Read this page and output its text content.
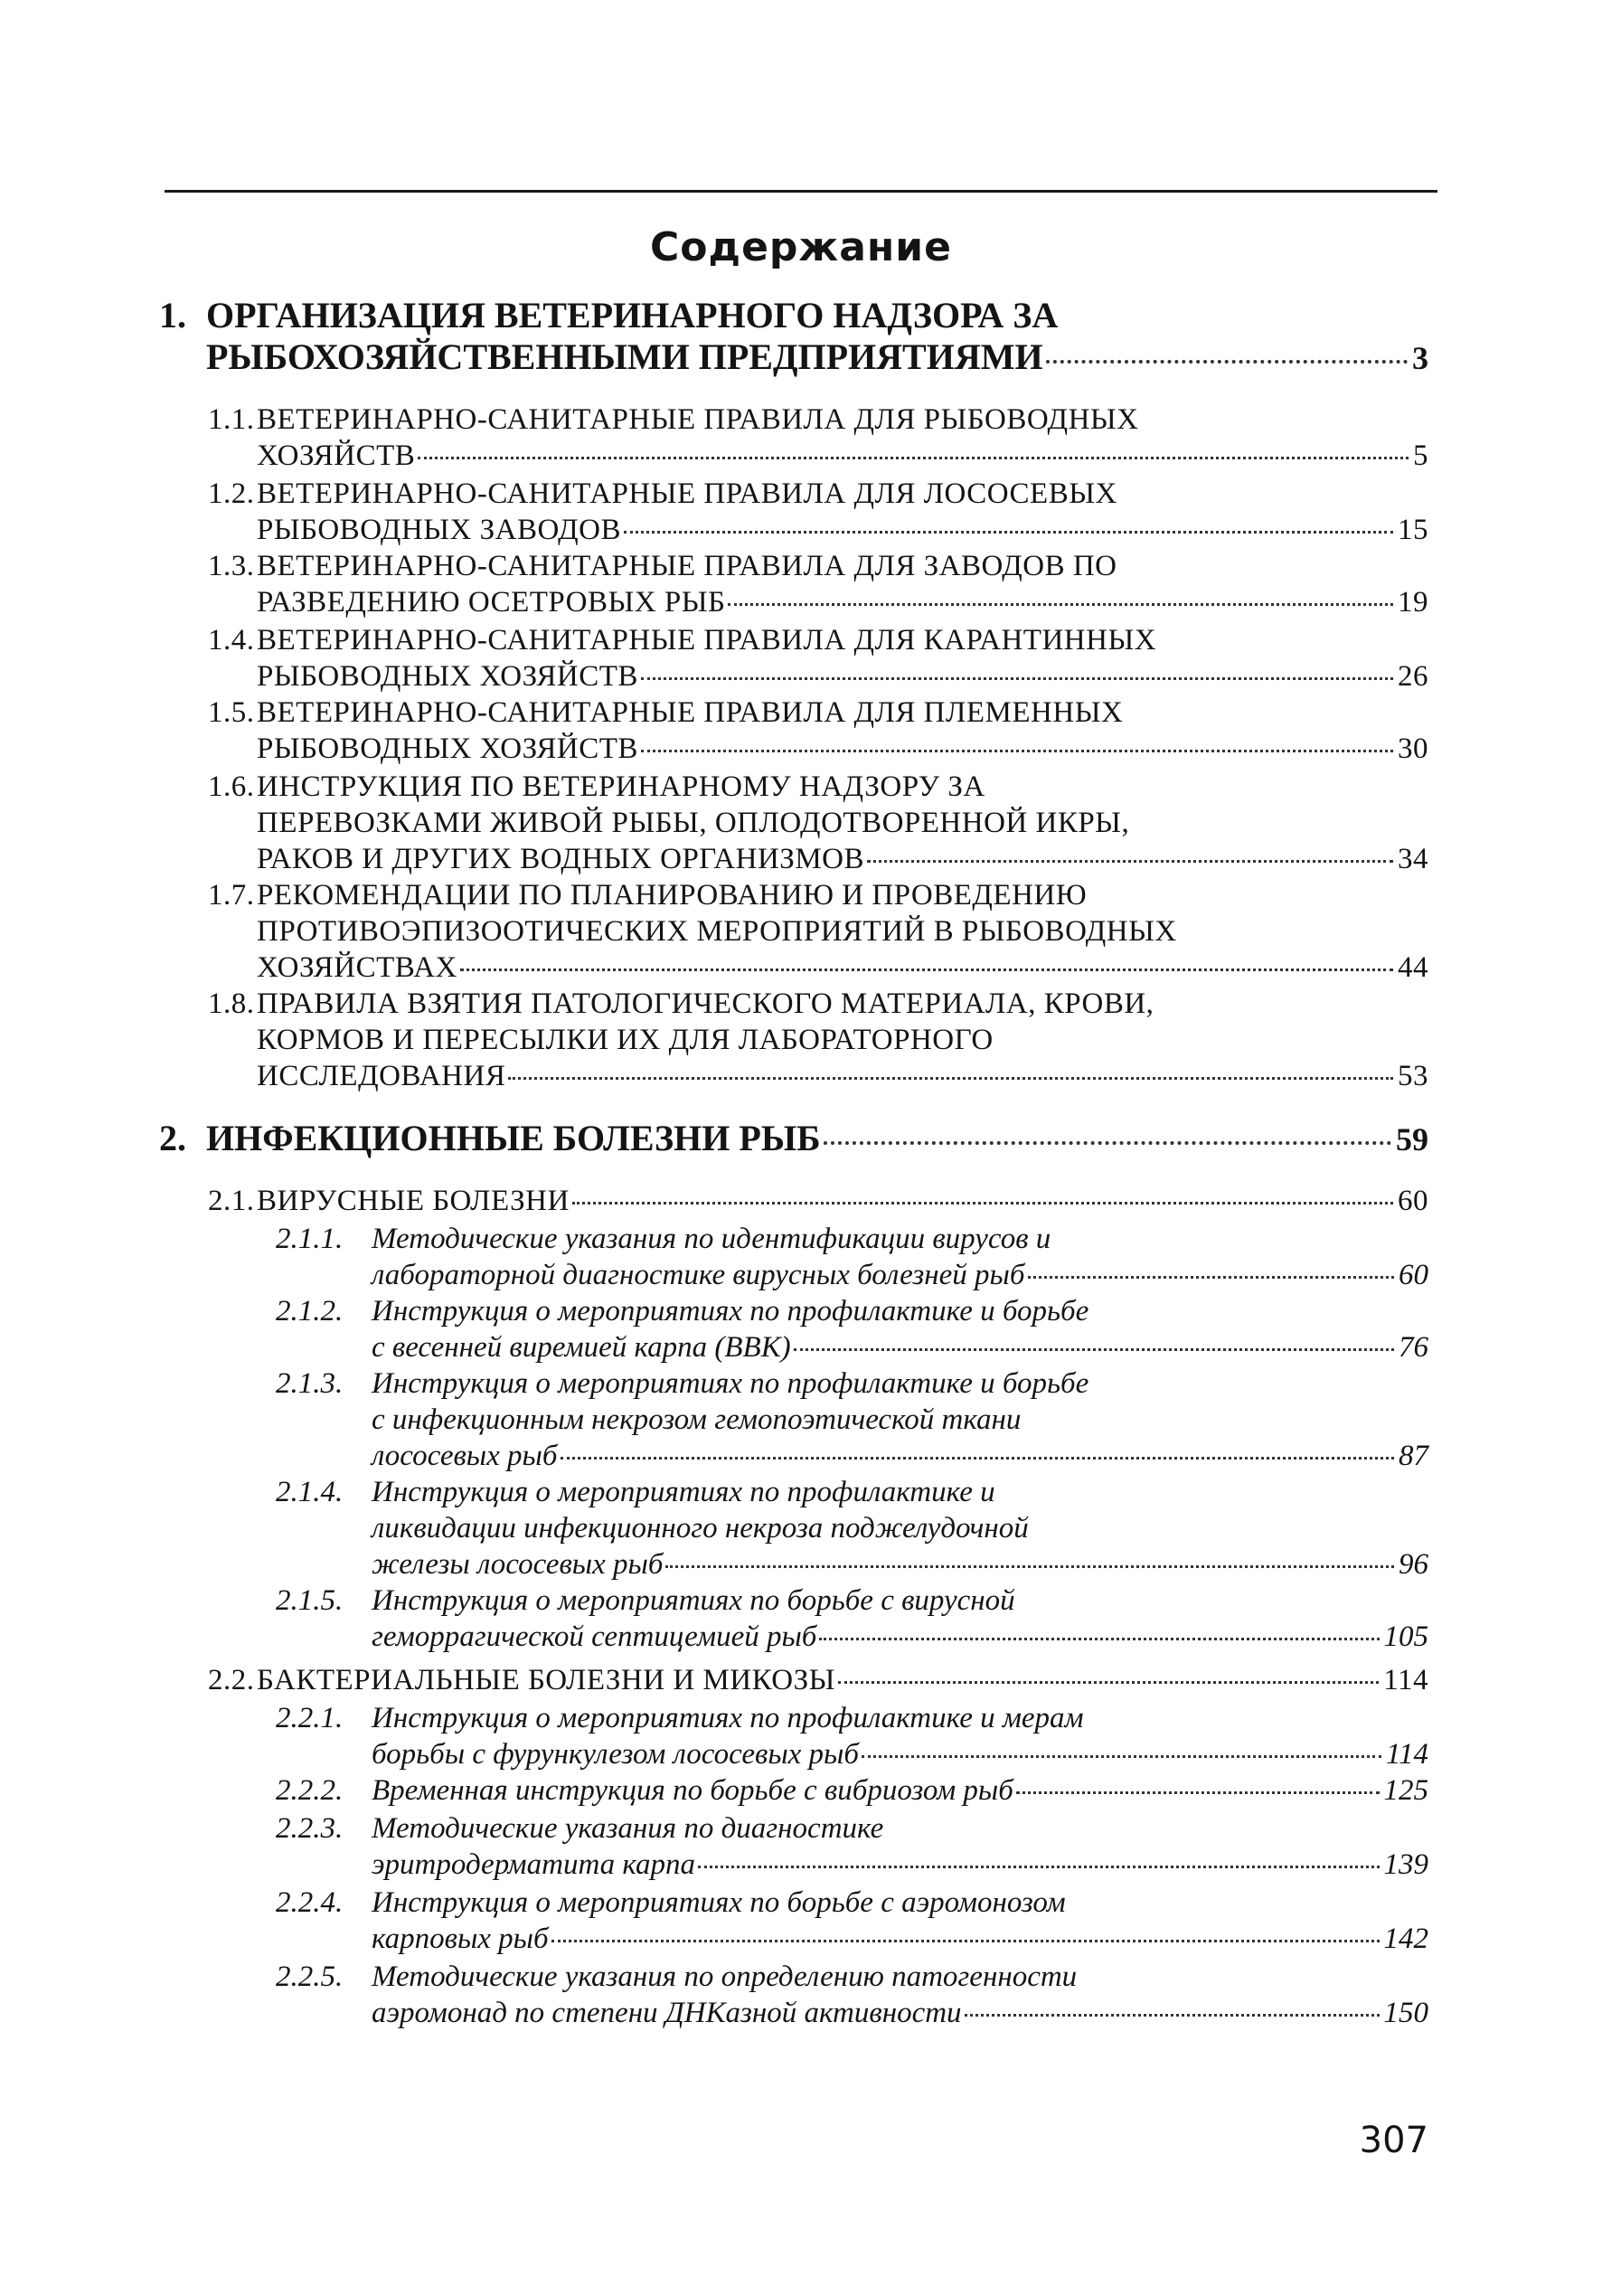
Содержание
1. ОРГАНИЗАЦИЯ ВЕТЕРИНАРНОГО НАДЗОРА ЗА
РЫБОХОЗЯЙСТВЕННЫМИ ПРЕДПРИЯТИЯМИ	3
1.1. ВЕТЕРИНАРНО-САНИТАРНЫЕ ПРАВИЛА ДЛЯ РЫБОВОДНЫХ
ХОЗЯЙСТВ	5
1.2. ВЕТЕРИНАРНО-САНИТАРНЫЕ ПРАВИЛА ДЛЯ ЛОСОСЕВЫХ
РЫБОВОДНЫХ ЗАВОДОВ	15
1.3. ВЕТЕРИНАРНО-САНИТАРНЫЕ ПРАВИЛА ДЛЯ ЗАВОДОВ ПО
РАЗВЕДЕНИЮ ОСЕТРОВЫХ РЫБ	19
1.4. ВЕТЕРИНАРНО-САНИТАРНЫЕ ПРАВИЛА ДЛЯ КАРАНТИННЫХ
РЫБОВОДНЫХ ХОЗЯЙСТВ	26
1.5. ВЕТЕРИНАРНО-САНИТАРНЫЕ ПРАВИЛА ДЛЯ ПЛЕМЕННЫХ
РЫБОВОДНЫХ ХОЗЯЙСТВ	30
1.6. ИНСТРУКЦИЯ ПО ВЕТЕРИНАРНОМУ НАДЗОРУ ЗА
ПЕРЕВОЗКАМИ ЖИВОЙ РЫБЫ, ОПЛОДОТВОРЕННОЙ ИКРЫ,
РАКОВ И ДРУГИХ ВОДНЫХ ОРГАНИЗМОВ	34
1.7. РЕКОМЕНДАЦИИ ПО ПЛАНИРОВАНИЮ И ПРОВЕДЕНИЮ
ПРОТИВОЭПИЗООТИЧЕСКИХ МЕРОПРИЯТИЙ В РЫБОВОДНЫХ
ХОЗЯЙСТВАХ	44
1.8. ПРАВИЛА ВЗЯТИЯ ПАТОЛОГИЧЕСКОГО МАТЕРИАЛА, КРОВИ,
КОРМОВ И ПЕРЕСЫЛКИ ИХ ДЛЯ ЛАБОРАТОРНОГО
ИССЛЕДОВАНИЯ	53
2. ИНФЕКЦИОННЫЕ БОЛЕЗНИ РЫБ	59
2.1. ВИРУСНЫЕ БОЛЕЗНИ	60
2.1.1. Методические указания по идентификации вирусов и
лабораторной диагностике вирусных болезней рыб	60
2.1.2. Инструкция о мероприятиях по профилактике и борьбе
с весенней виремией карпа (ВВК)	76
2.1.3. Инструкция о мероприятиях по профилактике и борьбе
с инфекционным некрозом гемопоэтической ткани
лососевых рыб	87
2.1.4. Инструкция о мероприятиях по профилактике и
ликвидации инфекционного некроза поджелудочной
железы лососевых рыб	96
2.1.5. Инструкция о мероприятиях по борьбе с вирусной
геморрагической септицемией рыб	105
2.2. БАКТЕРИАЛЬНЫЕ БОЛЕЗНИ И МИКОЗЫ	114
2.2.1. Инструкция о мероприятиях по профилактике и мерам
борьбы с фурункулезом лососевых рыб	114
2.2.2. Временная инструкция по борьбе с вибриозом рыб	125
2.2.3. Методические указания по диагностике
эритродерматита карпа	139
2.2.4. Инструкция о мероприятиях по борьбе с аэромонозом
карповых рыб	142
2.2.5. Методические указания по определению патогенности
аэромонад по степени ДНКазной активности	150
307
